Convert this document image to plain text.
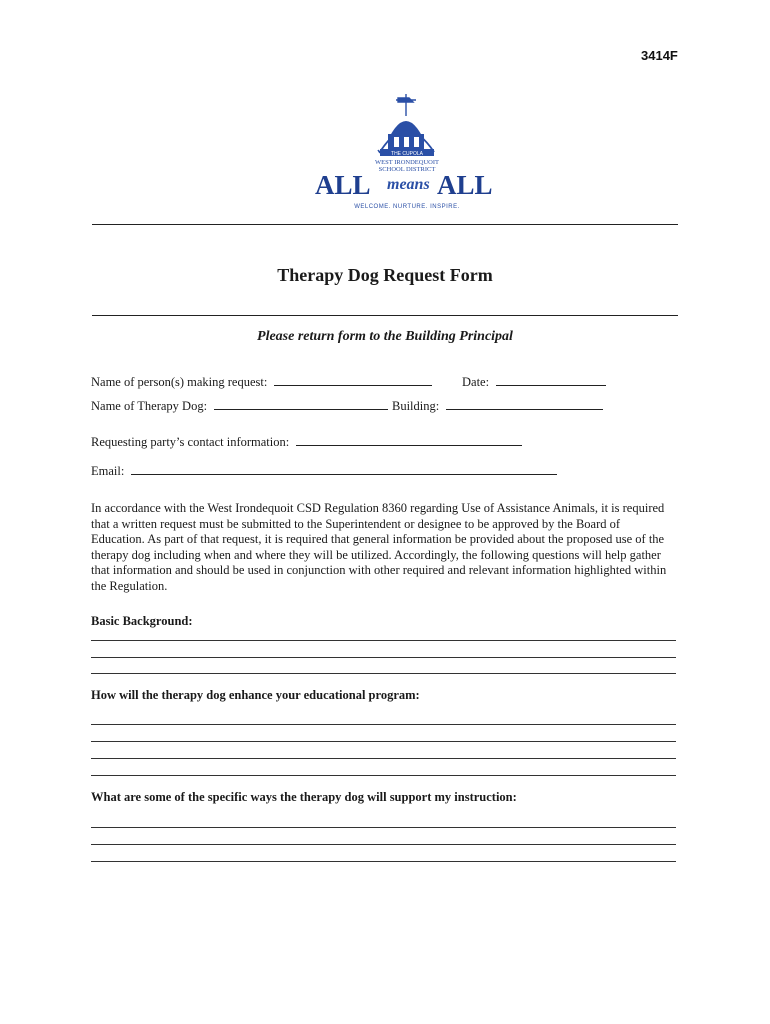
3414F
THE CUPOLA
WEST IRONDEQUOIT
SCHOOL DISTRICT
ALL means ALL
WELCOME. NURTURE. INSPIRE.
Therapy Dog Request Form
Please return form to the Building Principal
Name of person(s) making request:	Date:
Name of Therapy Dog:	Building:
Requesting party’s contact information:
Email:
In accordance with the West Irondequoit CSD Regulation 8360 regarding Use of Assistance Animals, it is required
that a written request must be submitted to the Superintendent or designee to be approved by the Board of
Education. As part of that request, it is required that general information be provided about the proposed use of the
therapy dog including when and where they will be utilized. Accordingly, the following questions will help gather
that information and should be used in conjunction with other required and relevant information highlighted within
the Regulation.
Basic Background:
How will the therapy dog enhance your educational program:
What are some of the specific ways the therapy dog will support my instruction:
